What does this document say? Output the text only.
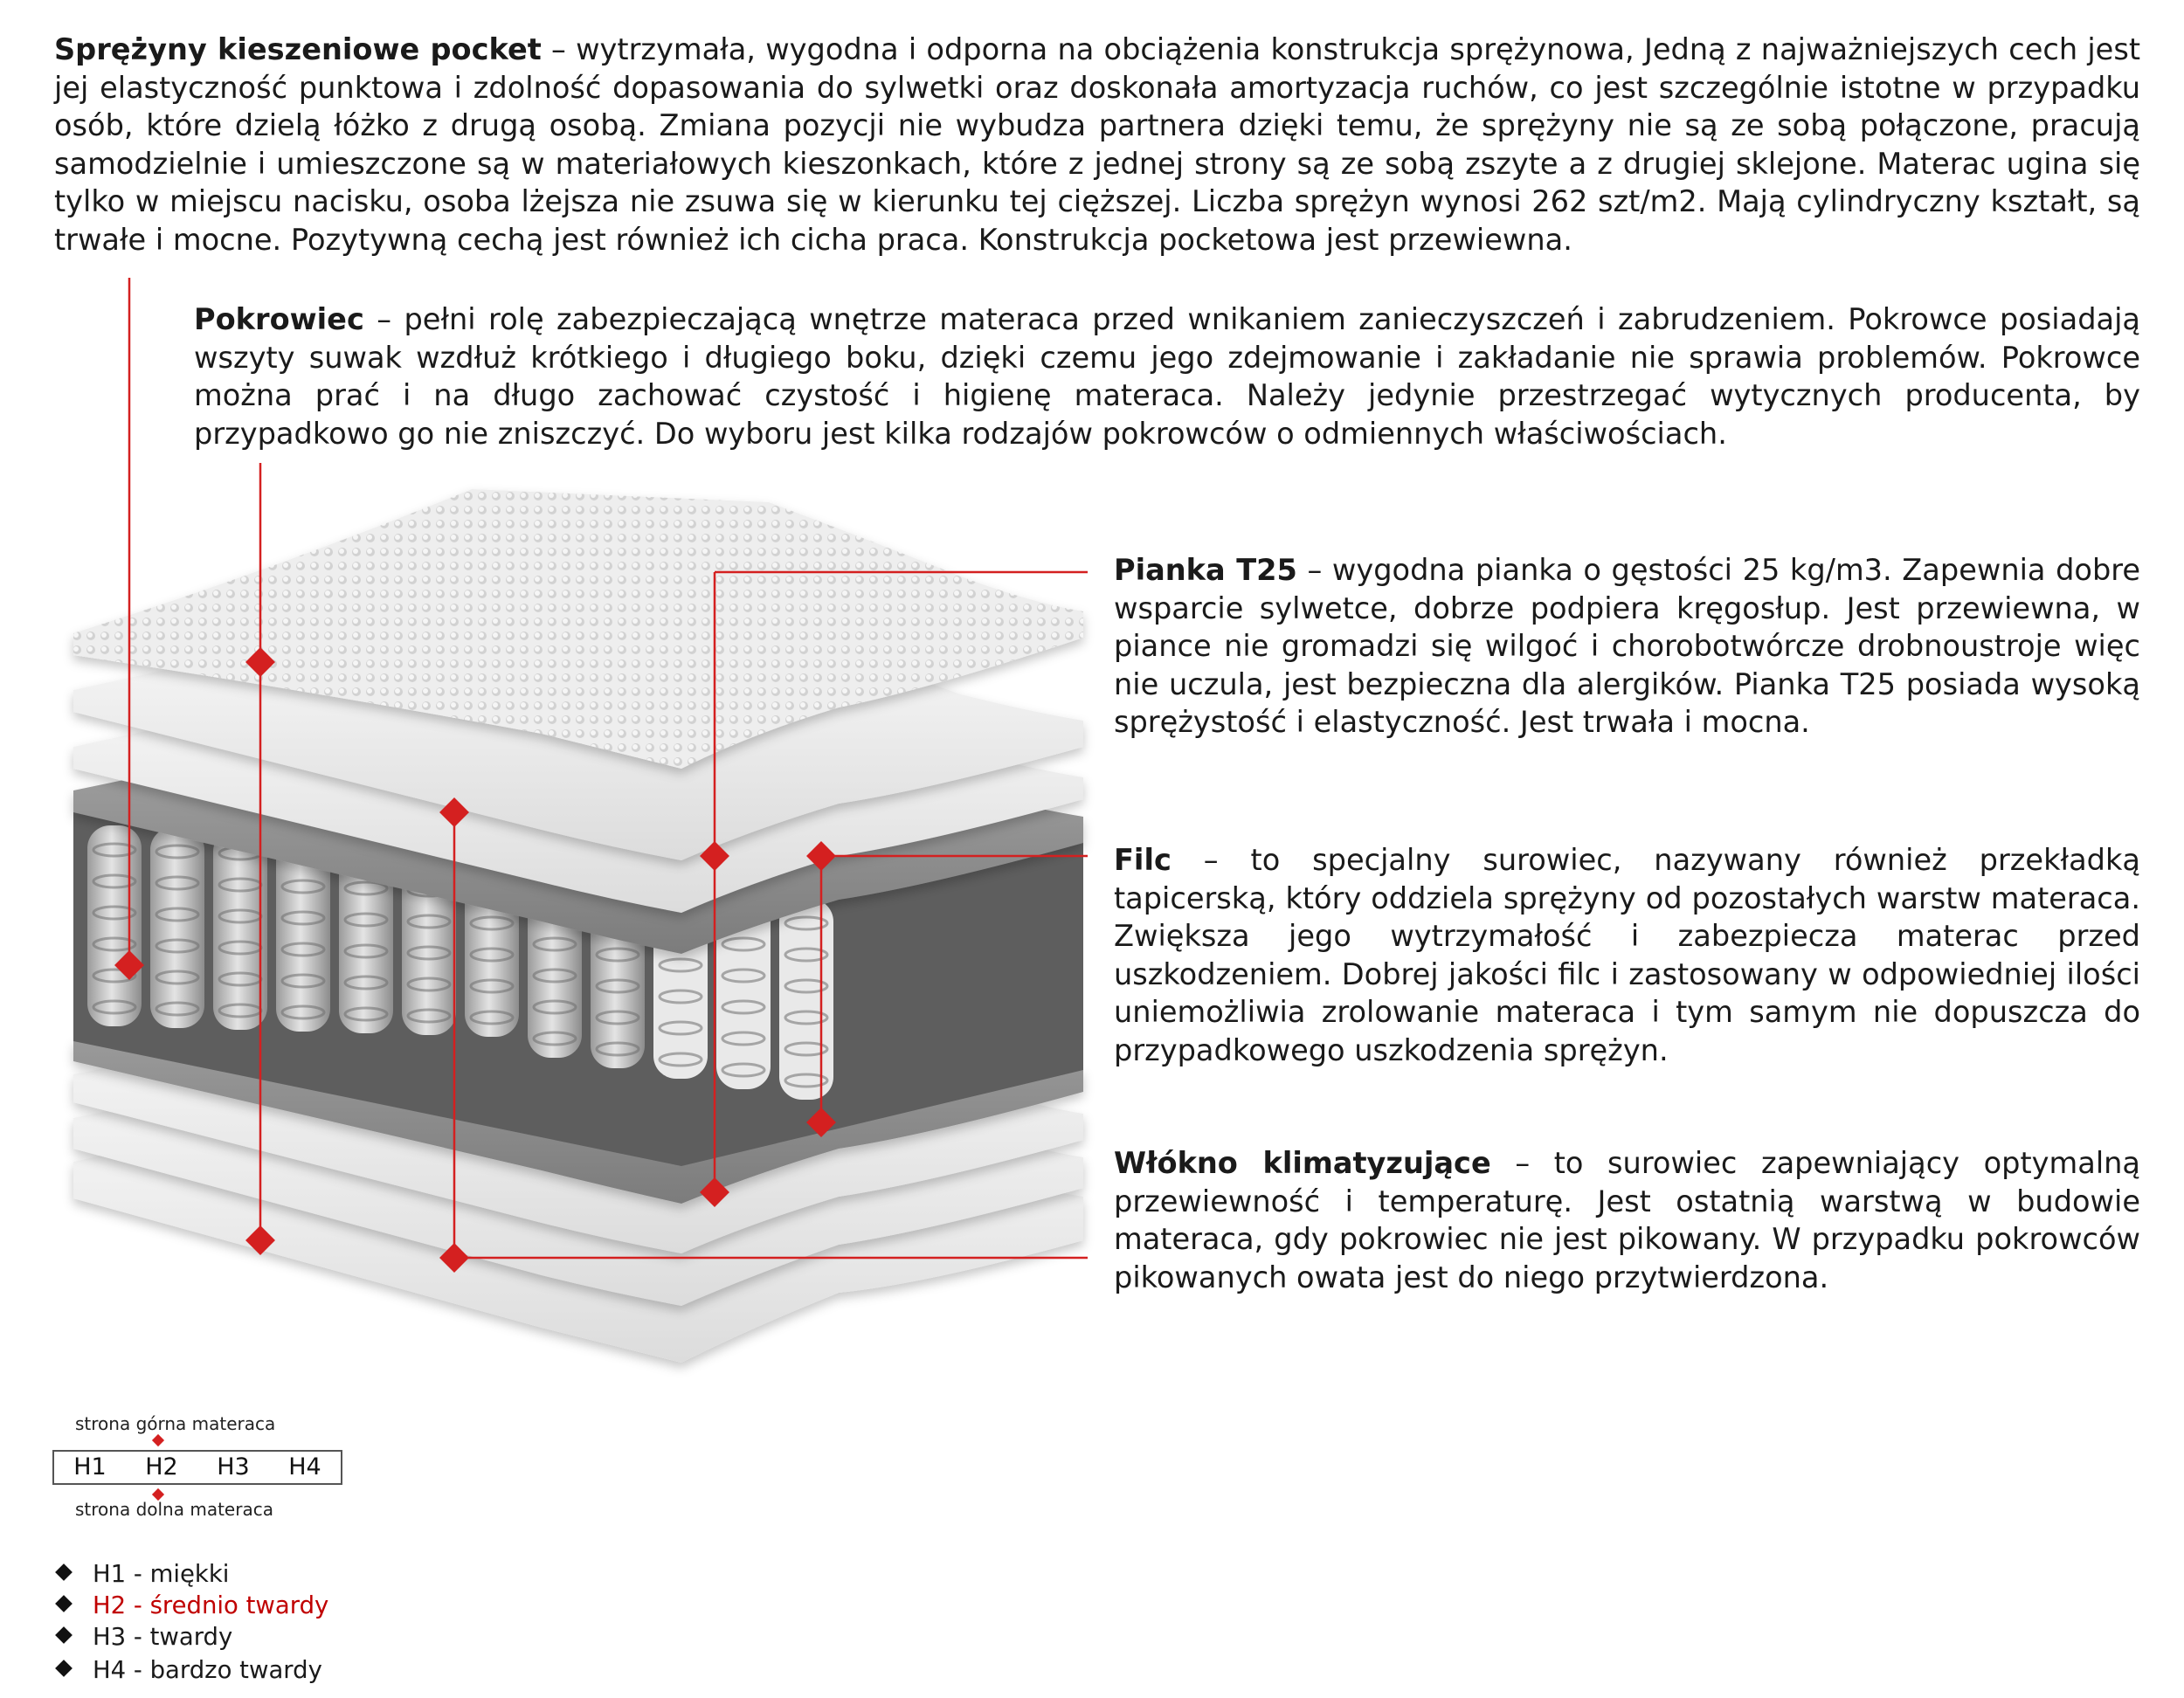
Sprężyny kieszeniowe pocket – wytrzymała, wygodna i odporna na obciążenia konstrukcja sprężynowa, Jedną z najważniejszych cech jest jej elastyczność punktowa i zdolność dopasowania do sylwetki oraz doskonała amortyzacja ruchów, co jest szczególnie istotne w przypadku osób, które dzielą łóżko z drugą osobą. Zmiana pozycji nie wybudza partnera dzięki temu, że sprężyny nie są ze sobą połączone, pracują samodzielnie i umieszczone są w materiałowych kieszonkach, które z jednej strony są ze sobą zszyte a z drugiej sklejone. Materac ugina się tylko w miejscu nacisku, osoba lżejsza nie zsuwa się w kierunku tej cięższej. Liczba sprężyn wynosi 262 szt/m2. Mają cylindryczny kształt, są trwałe i mocne. Pozytywną cechą jest również ich cicha praca. Konstrukcja pocketowa jest przewiewna.
Pokrowiec – pełni rolę zabezpieczającą wnętrze materaca przed wnikaniem zanieczyszczeń i zabrudzeniem. Pokrowce posiadają wszyty suwak wzdłuż krótkiego i długiego boku, dzięki czemu jego zdejmowanie i zakładanie nie sprawia problemów. Pokrowce można prać i na długo zachować czystość i higienę materaca. Należy jedynie przestrzegać wytycznych producenta, by przypadkowo go nie zniszczyć. Do wyboru jest kilka rodzajów pokrowców o odmiennych właściwościach.
Pianka T25 – wygodna pianka o gęstości 25 kg/m3. Zapewnia dobre wsparcie sylwetce, dobrze podpiera kręgosłup. Jest przewiewna, w piance nie gromadzi się wilgoć i chorobotwórcze drobnoustroje więc nie uczula, jest bezpieczna dla alergików. Pianka T25 posiada wysoką sprężystość i elastyczność. Jest trwała i mocna.
Filc – to specjalny surowiec, nazywany również przekładką tapicerską, który oddziela sprężyny od pozostałych warstw materaca. Zwiększa jego wytrzymałość i zabezpiecza materac przed uszkodzeniem. Dobrej jakości filc i zastosowany w odpowiedniej ilości uniemożliwia zrolowanie materaca i tym samym nie dopuszcza do przypadkowego uszkodzenia sprężyn.
Włókno klimatyzujące – to surowiec zapewniający optymalną przewiewność i temperaturę. Jest ostatnią warstwą w budowie materaca, gdy pokrowiec nie jest pikowany. W przypadku pokrowców pikowanych owata jest do niego przytwierdzona.
strona górna materaca
H1	H2	H3	H4
strona dolna materaca
H1 - miękki
H2 - średnio twardy
H3 - twardy
H4 - bardzo twardy
